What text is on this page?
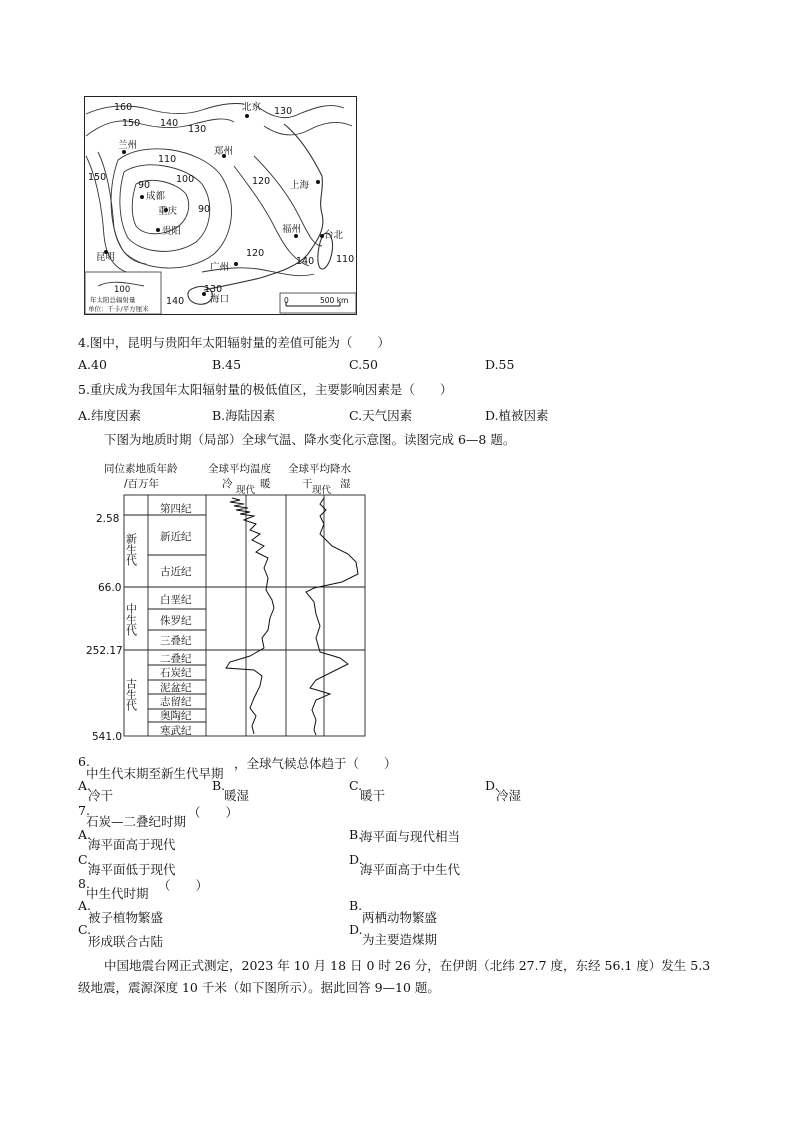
北京
兰州
郑州
成都
重庆
贵阳
上海
福州
台北
广州
昆明
海口
160
150 140
130
130
110
100
90
90
150	120
120
140 110
130
140
100
年太阳总辐射量
单位：千卡/平方厘米
0	500 km
4.图中，昆明与贵阳年太阳辐射量的差值可能为（　　）
A.40	B.45	C.50	D.55
5.重庆成为我国年太阳辐射量的极低值区，主要影响因素是（　　）
A.纬度因素	B.海陆因素	C.天气因素	D.植被因素
下图为地质时期（局部）全球气温、降水变化示意图。读图完成 6—8 题。
同位素地质年龄
/百万年
全球平均温度 全球平均降水
冷
现代
暖	干
现代
湿
2.58
66.0
252.17
541.0
新生代
中生代
古生代
第四纪
新近纪
古近纪
白垩纪
侏罗纪
三叠纪
二叠纪
石炭纪
泥盆纪
志留纪
奥陶纪
寒武纪
6.
中生代末期至新生代早期
，全球气候总体趋于（　　）
A.
冷干
B.
暖湿
C.
暖干
D.
冷湿
7.
石炭—二叠纪时期
（　　）
A.
海平面高于现代
B.
海平面与现代相当
C.
海平面低于现代
D.
海平面高于中生代
8.
中生代时期
（　　）
A.
被子植物繁盛
B.
两栖动物繁盛
C.
形成联合古陆
D.
为主要造煤期
中国地震台网正式测定，2023 年 10 月 18 日 0 时 26 分，在伊朗（北纬 27.7 度，东经 56.1 度）发生 5.3
级地震，震源深度 10 千米（如下图所示）。据此回答 9—10 题。
